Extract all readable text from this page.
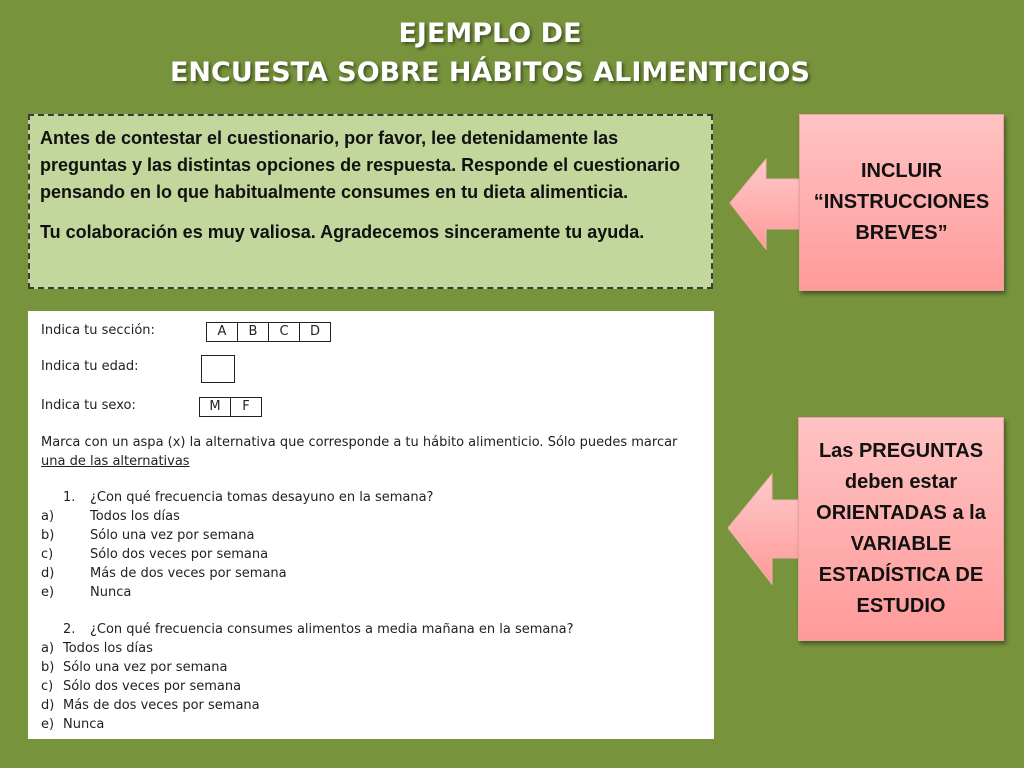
EJEMPLO DE
ENCUESTA SOBRE HÁBITOS ALIMENTICIOS

Antes de contestar el cuestionario, por favor, lee detenidamente las preguntas y las distintas opciones de respuesta. Responde el cuestionario pensando en lo que habitualmente consumes en tu dieta alimenticia.

Tu colaboración es muy valiosa. Agradecemos sinceramente tu ayuda.

Indica tu sección:	A	B	C	D
Indica tu edad:
Indica tu sexo:	M	F
Marca con un aspa (x) la alternativa que corresponde a tu hábito alimenticio. Sólo puedes marcar
una de las alternativas
1.	¿Con qué frecuencia tomas desayuno en la semana?
a)	Todos los días
b)	Sólo una vez por semana
c)	Sólo dos veces por semana
d)	Más de dos veces por semana
e)	Nunca
2.	¿Con qué frecuencia consumes alimentos a media mañana en la semana?
a) Todos los días
b) Sólo una vez por semana
c) Sólo dos veces por semana
d) Más de dos veces por semana
e) Nunca
INCLUIR
“INSTRUCCIONES
BREVES”
Las PREGUNTAS
deben estar
ORIENTADAS a la
VARIABLE
ESTADÍSTICA DE
ESTUDIO
